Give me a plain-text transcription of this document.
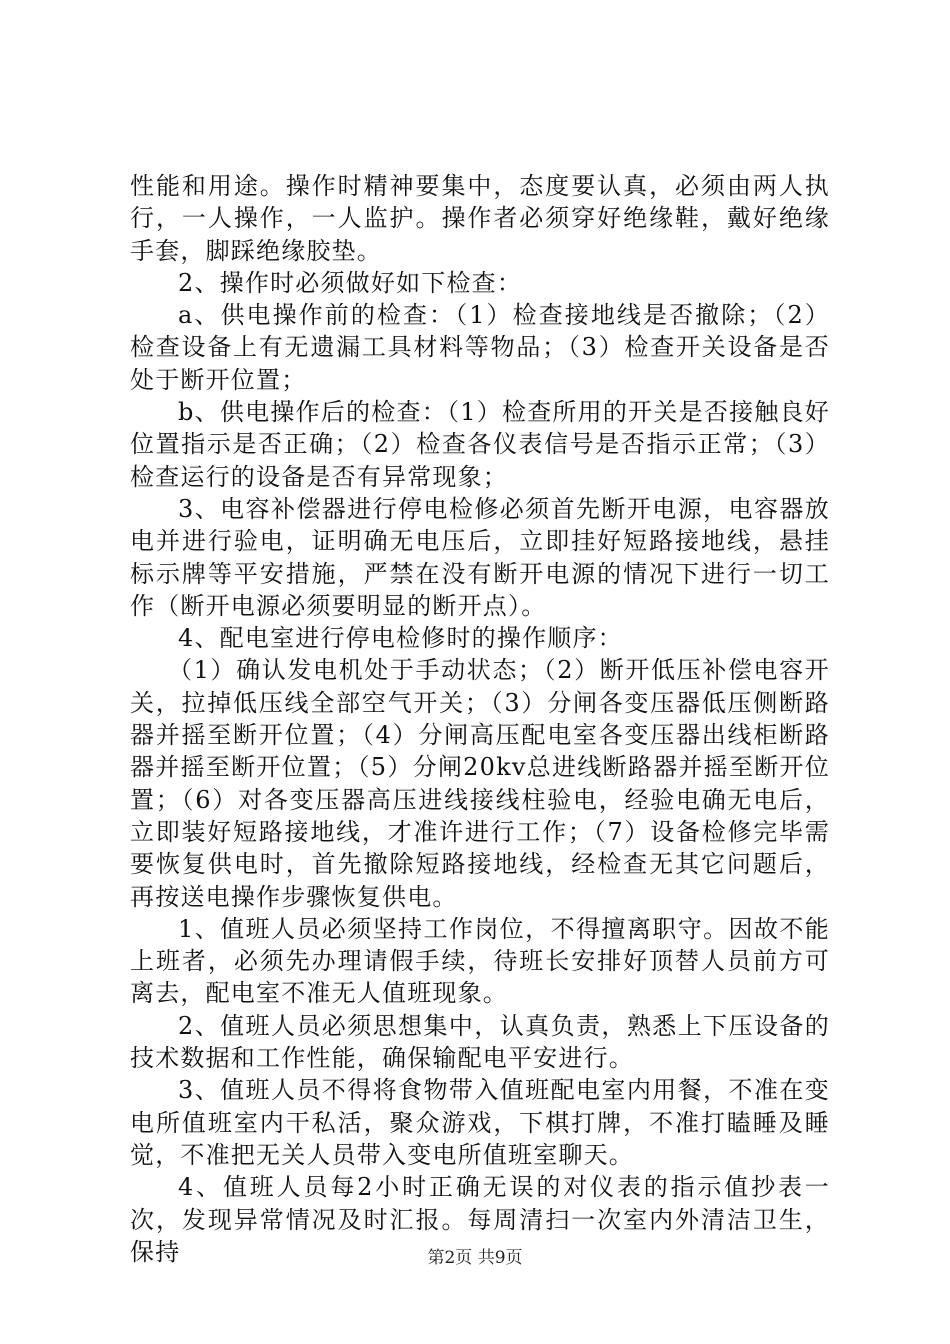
性能和用途。操作时精神要集中，态度要认真，必须由两人执行，一人操作，一人监护。操作者必须穿好绝缘鞋，戴好绝缘手套，脚踩绝缘胶垫。

2、操作时必须做好如下检查：

a、供电操作前的检查：（1）检查接地线是否撤除；（2）检查设备上有无遗漏工具材料等物品；（3）检查开关设备是否处于断开位置；

b、供电操作后的检查：（1）检查所用的开关是否接触良好位置指示是否正确；（2）检查各仪表信号是否指示正常；（3）检查运行的设备是否有异常现象；

3、电容补偿器进行停电检修必须首先断开电源，电容器放电并进行验电，证明确无电压后，立即挂好短路接地线，悬挂标示牌等平安措施，严禁在没有断开电源的情况下进行一切工作（断开电源必须要明显的断开点）。

4、配电室进行停电检修时的操作顺序：

（1）确认发电机处于手动状态；（2）断开低压补偿电容开关，拉掉低压线全部空气开关；（3）分闸各变压器低压侧断路器并摇至断开位置；（4）分闸高压配电室各变压器出线柜断路器并摇至断开位置；（5）分闸20kv总进线断路器并摇至断开位置；（6）对各变压器高压进线接线柱验电，经验电确无电后，立即装好短路接地线，才准许进行工作；（7）设备检修完毕需要恢复供电时，首先撤除短路接地线，经检查无其它问题后，再按送电操作步骤恢复供电。

1、值班人员必须坚持工作岗位，不得擅离职守。因故不能上班者，必须先办理请假手续，待班长安排好顶替人员前方可离去，配电室不准无人值班现象。

2、值班人员必须思想集中，认真负责，熟悉上下压设备的技术数据和工作性能，确保输配电平安进行。

3、值班人员不得将食物带入值班配电室内用餐，不准在变电所值班室内干私活，聚众游戏，下棋打牌，不准打瞌睡及睡觉，不准把无关人员带入变电所值班室聊天。

4、值班人员每2小时正确无误的对仪表的指示值抄表一次，发现异常情况及时汇报。每周清扫一次室内外清洁卫生，保持	第2页 共9页
